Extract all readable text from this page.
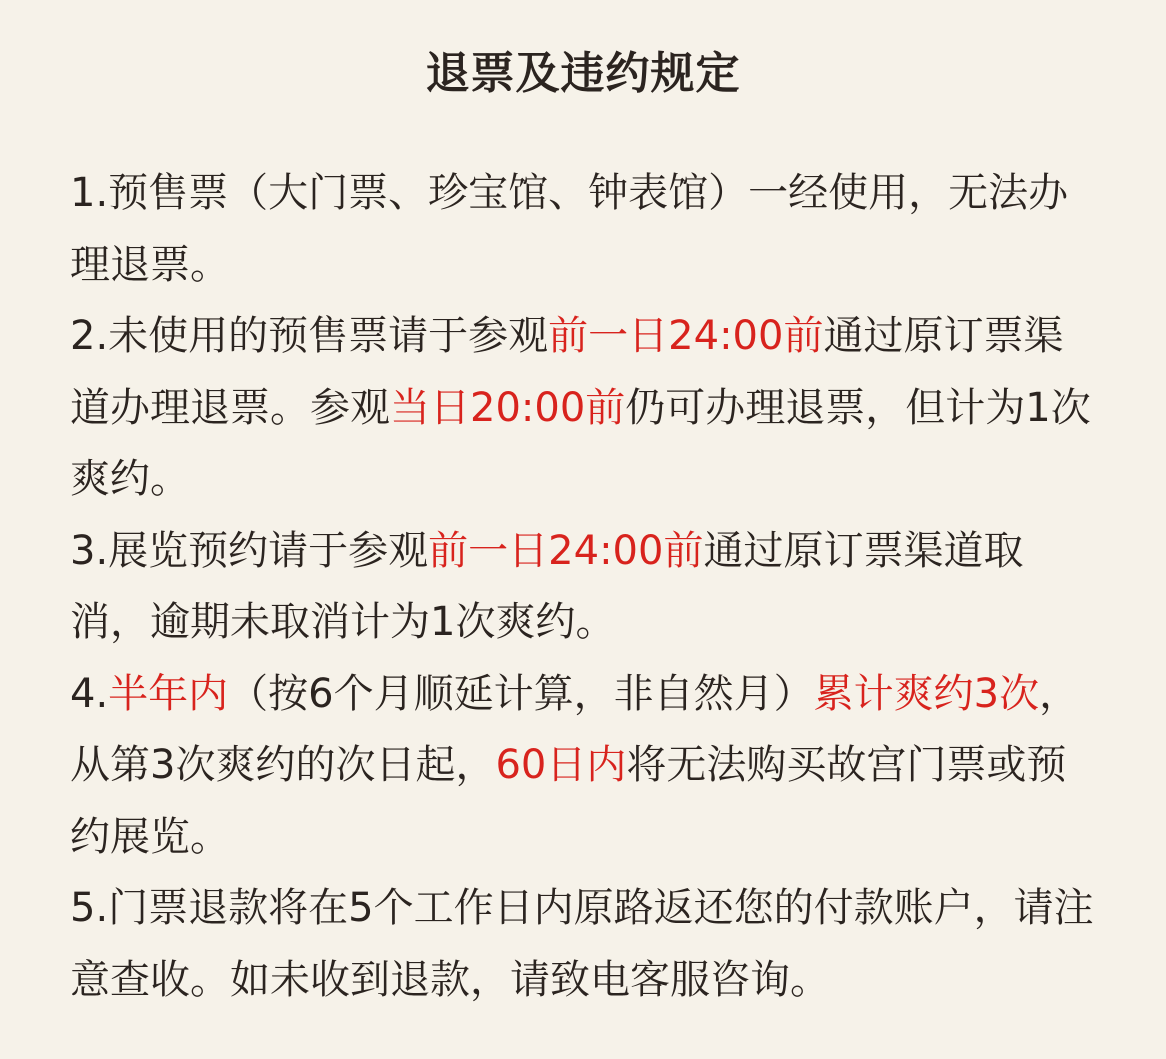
退票及违约规定

1.预售票（大门票、珍宝馆、钟表馆）一经使用，无法办理退票。

2.未使用的预售票请于参观前一日24:00前通过原订票渠道办理退票。参观当日20:00前仍可办理退票，但计为1次爽约。

3.展览预约请于参观前一日24:00前通过原订票渠道取消，逾期未取消计为1次爽约。

4.半年内（按6个月顺延计算，非自然月）累计爽约3次，从第3次爽约的次日起，60日内将无法购买故宫门票或预约展览。

5.门票退款将在5个工作日内原路返还您的付款账户，请注意查收。如未收到退款，请致电客服咨询。
